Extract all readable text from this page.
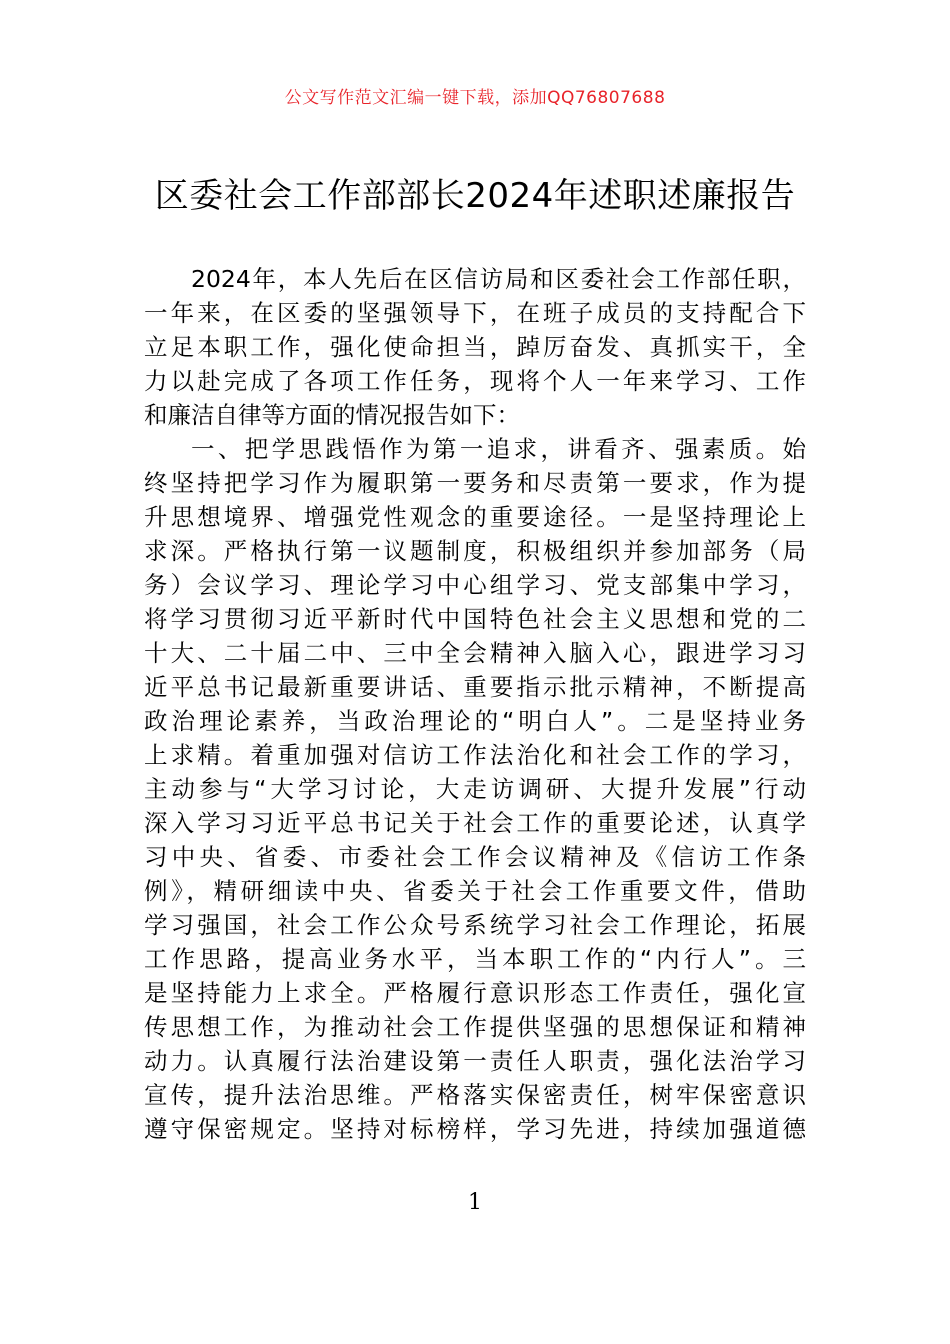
公文写作范文汇编一键下载，添加QQ76807688
区委社会工作部部长2024年述职述廉报告
2024年，本人先后在区信访局和区委社会工作部任职，
一年来，在区委的坚强领导下，在班子成员的支持配合下
立足本职工作，强化使命担当，踔厉奋发、真抓实干，全
力以赴完成了各项工作任务，现将个人一年来学习、工作
和廉洁自律等方面的情况报告如下：
一、把学思践悟作为第一追求，讲看齐、强素质。始
终坚持把学习作为履职第一要务和尽责第一要求，作为提
升思想境界、增强党性观念的重要途径。一是坚持理论上
求深。严格执行第一议题制度，积极组织并参加部务（局
务）会议学习、理论学习中心组学习、党支部集中学习，
将学习贯彻习近平新时代中国特色社会主义思想和党的二
十大、二十届二中、三中全会精神入脑入心，跟进学习习
近平总书记最新重要讲话、重要指示批示精神，不断提高
政治理论素养，当政治理论的“明白人”。二是坚持业务
上求精。着重加强对信访工作法治化和社会工作的学习，
主动参与“大学习讨论，大走访调研、大提升发展”行动
深入学习习近平总书记关于社会工作的重要论述，认真学
习中央、省委、市委社会工作会议精神及《信访工作条
例》，精研细读中央、省委关于社会工作重要文件，借助
学习强国，社会工作公众号系统学习社会工作理论，拓展
工作思路，提高业务水平，当本职工作的“内行人”。三
是坚持能力上求全。严格履行意识形态工作责任，强化宣
传思想工作，为推动社会工作提供坚强的思想保证和精神
动力。认真履行法治建设第一责任人职责，强化法治学习
宣传，提升法治思维。严格落实保密责任，树牢保密意识
遵守保密规定。坚持对标榜样，学习先进，持续加强道德
1
